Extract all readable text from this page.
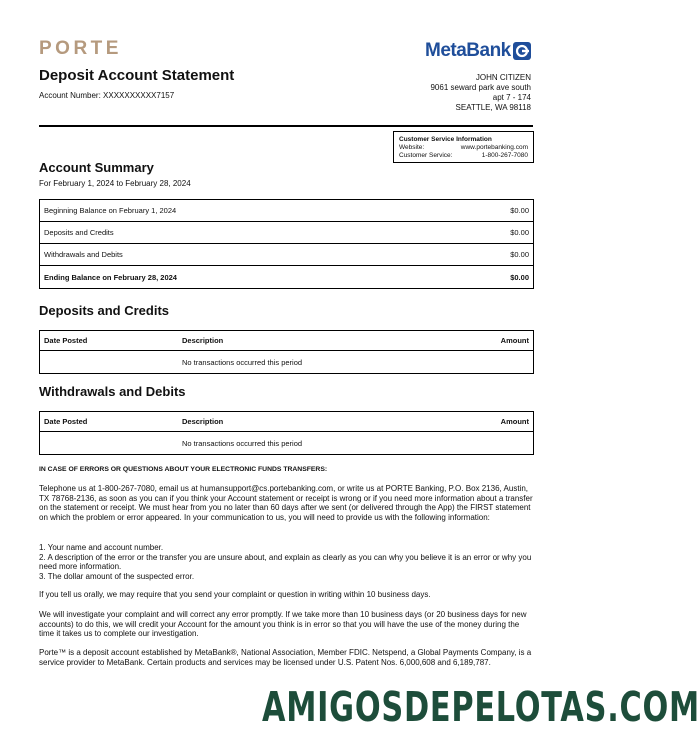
PORTE	MetaBank
Deposit Account Statement
Account Number: XXXXXXXXXX7157
JOHN CITIZEN
9061 seward park ave south
apt 7 - 174
SEATTLE, WA 98118
Customer Service Information
Website:	www.portebanking.com
Customer Service:	1-800-267-7080
Account Summary
For February 1, 2024 to February 28, 2024
Beginning Balance on February 1, 2024	$0.00
Deposits and Credits	$0.00
Withdrawals and Debits	$0.00
Ending Balance on February 28, 2024	$0.00
Deposits and Credits
Date Posted	Description	Amount
No transactions occurred this period
Withdrawals and Debits
Date Posted	Description	Amount
No transactions occurred this period
IN CASE OF ERRORS OR QUESTIONS ABOUT YOUR ELECTRONIC FUNDS TRANSFERS:
Telephone us at 1-800-267-7080, email us at humansupport@cs.portebanking.com, or write us at PORTE Banking, P.O. Box 2136, Austin, TX 78768-2136, as soon as you can if you think your Account statement or receipt is wrong or if you need more information about a transfer on the statement or receipt. We must hear from you no later than 60 days after we sent (or delivered through the App) the FIRST statement on which the problem or error appeared. In your communication to us, you will need to provide us with the following information:
1. Your name and account number.
2. A description of the error or the transfer you are unsure about, and explain as clearly as you can why you believe it is an error or why you need more information.
3. The dollar amount of the suspected error.
If you tell us orally, we may require that you send your complaint or question in writing within 10 business days.
We will investigate your complaint and will correct any error promptly. If we take more than 10 business days (or 20 business days for new accounts) to do this, we will credit your Account for the amount you think is in error so that you will have the use of the money during the time it takes us to complete our investigation.
Porte™ is a deposit account established by MetaBank®, National Association, Member FDIC. Netspend, a Global Payments Company, is a service provider to MetaBank. Certain products and services may be licensed under U.S. Patent Nos. 6,000,608 and 6,189,787.
AMIGOSDEPELOTAS.COM
